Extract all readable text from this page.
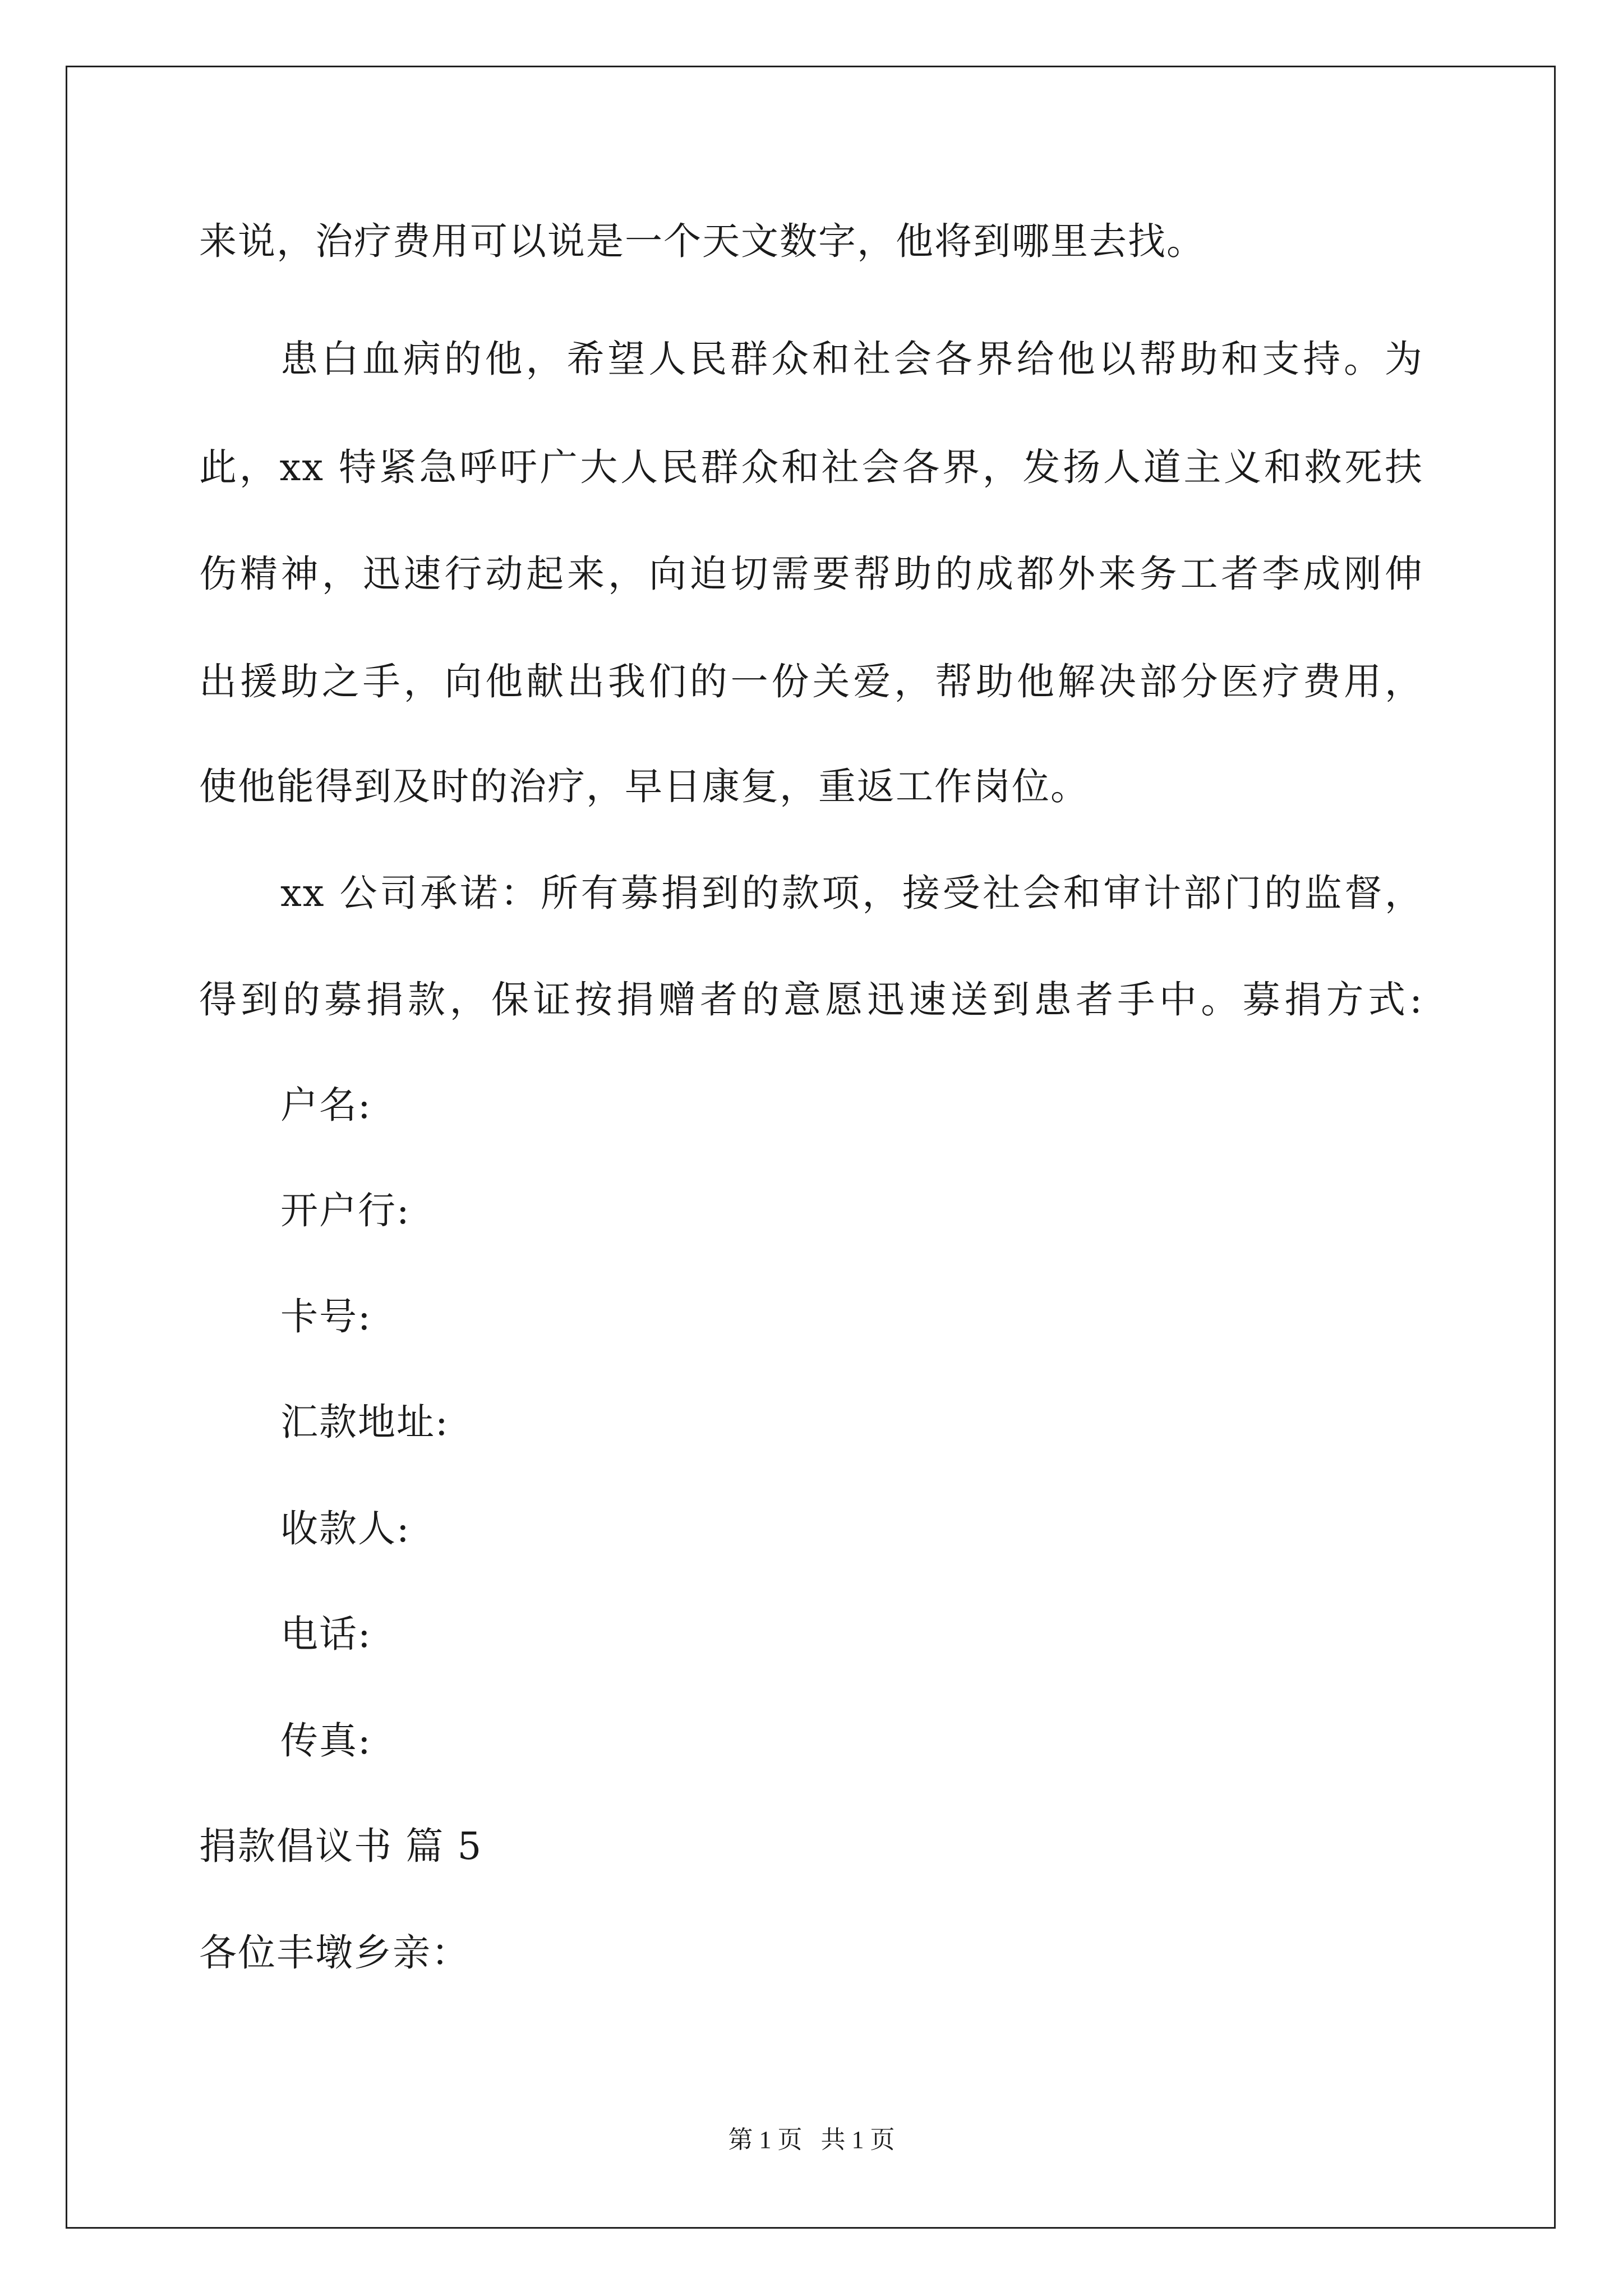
来说，治疗费用可以说是一个天文数字，他将到哪里去找。
患白血病的他，希望人民群众和社会各界给他以帮助和支持。为
此，xx 特紧急呼吁广大人民群众和社会各界，发扬人道主义和救死扶
伤精神，迅速行动起来，向迫切需要帮助的成都外来务工者李成刚伸
出援助之手，向他献出我们的一份关爱，帮助他解决部分医疗费用，
使他能得到及时的治疗，早日康复，重返工作岗位。
xx 公司承诺：所有募捐到的款项，接受社会和审计部门的监督，
得到的募捐款，保证按捐赠者的意愿迅速送到患者手中。募捐方式:
户名:
开户行:
卡号:
汇款地址:
收款人:
电话:
传真:
捐款倡议书 篇 5
各位丰墩乡亲：
第 1 页   共 1 页
